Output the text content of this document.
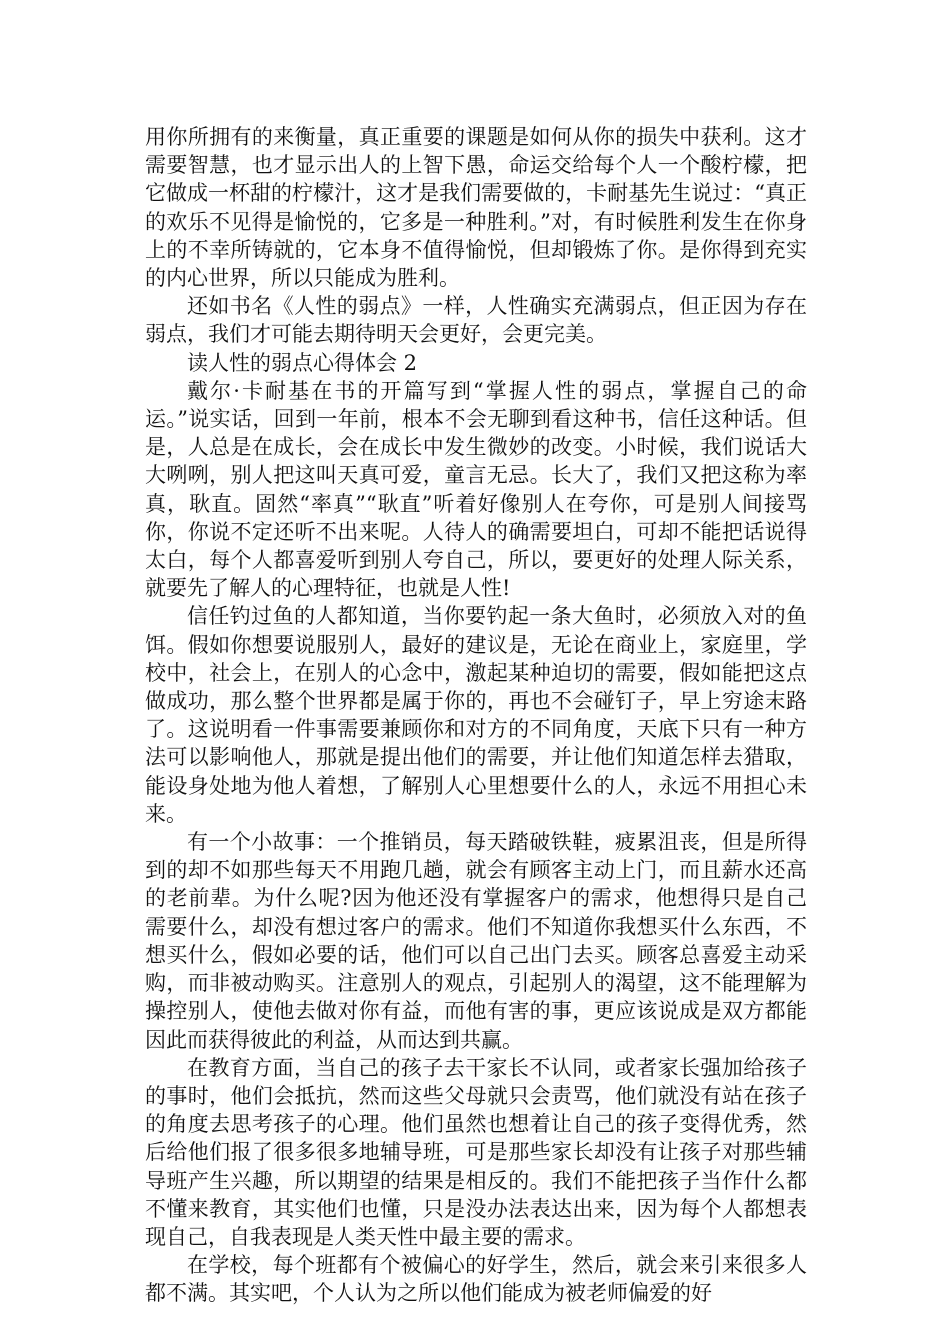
用你所拥有的来衡量，真正重要的课题是如何从你的损失中获利。这才需要智慧，也才显示出人的上智下愚，命运交给每个人一个酸柠檬，把它做成一杯甜的柠檬汁，这才是我们需要做的，卡耐基先生说过：“真正的欢乐不见得是愉悦的，它多是一种胜利。”对，有时候胜利发生在你身上的不幸所铸就的，它本身不值得愉悦，但却锻炼了你。是你得到充实的内心世界，所以只能成为胜利。

还如书名《人性的弱点》一样，人性确实充满弱点，但正因为存在弱点，我们才可能去期待明天会更好，会更完美。

读人性的弱点心得体会 2

戴尔·卡耐基在书的开篇写到“掌握人性的弱点，掌握自己的命运。”说实话，回到一年前，根本不会无聊到看这种书，信任这种话。但是，人总是在成长，会在成长中发生微妙的改变。小时候，我们说话大大咧咧，别人把这叫天真可爱，童言无忌。长大了，我们又把这称为率真，耿直。固然“率真”“耿直”听着好像别人在夸你，可是别人间接骂你，你说不定还听不出来呢。人待人的确需要坦白，可却不能把话说得太白，每个人都喜爱听到别人夸自己，所以，要更好的处理人际关系，就要先了解人的心理特征，也就是人性!

信任钓过鱼的人都知道，当你要钓起一条大鱼时，必须放入对的鱼饵。假如你想要说服别人，最好的建议是，无论在商业上，家庭里，学校中，社会上，在别人的心念中，激起某种迫切的需要，假如能把这点做成功，那么整个世界都是属于你的，再也不会碰钉子，早上穷途末路了。这说明看一件事需要兼顾你和对方的不同角度，天底下只有一种方法可以影响他人，那就是提出他们的需要，并让他们知道怎样去猎取，能设身处地为他人着想，了解别人心里想要什么的人，永远不用担心未来。

有一个小故事：一个推销员，每天踏破铁鞋，疲累沮丧，但是所得到的却不如那些每天不用跑几趟，就会有顾客主动上门，而且薪水还高的老前辈。为什么呢?因为他还没有掌握客户的需求，他想得只是自己需要什么，却没有想过客户的需求。他们不知道你我想买什么东西，不想买什么，假如必要的话，他们可以自己出门去买。顾客总喜爱主动采购，而非被动购买。注意别人的观点，引起别人的渴望，这不能理解为操控别人，使他去做对你有益，而他有害的事，更应该说成是双方都能因此而获得彼此的利益，从而达到共赢。

在教育方面，当自己的孩子去干家长不认同，或者家长强加给孩子的事时，他们会抵抗，然而这些父母就只会责骂，他们就没有站在孩子的角度去思考孩子的心理。他们虽然也想着让自己的孩子变得优秀，然后给他们报了很多很多地辅导班，可是那些家长却没有让孩子对那些辅导班产生兴趣，所以期望的结果是相反的。我们不能把孩子当作什么都不懂来教育，其实他们也懂，只是没办法表达出来，因为每个人都想表现自己，自我表现是人类天性中最主要的需求。

在学校，每个班都有个被偏心的好学生，然后，就会来引来很多人都不满。其实吧，个人认为之所以他们能成为被老师偏爱的好
